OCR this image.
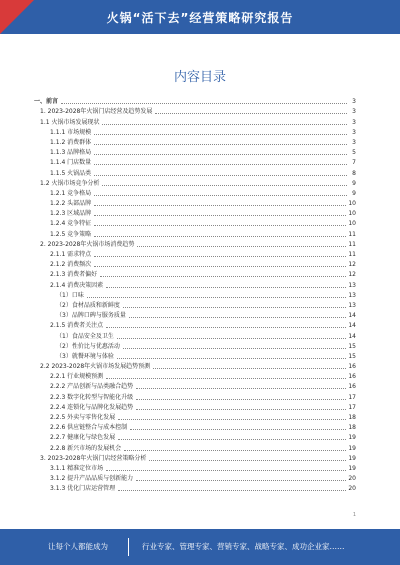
火锅“活下去”经营策略研究报告
内容目录
一、前言	3
1. 2023-2028年火锅门店经营及趋势发展	3
1.1 火锅市场发展现状	3
1.1.1 市场规模	3
1.1.2 消费群体	3
1.1.3 品牌格局	5
1.1.4 门店数量	7
1.1.5 火锅品类	8
1.2 火锅市场竞争分析	9
1.2.1 竞争格局	9
1.2.2 头部品牌	10
1.2.3 区域品牌	10
1.2.4 竞争特征	10
1.2.5 竞争策略	11
2. 2023-2028年火锅市场消费趋势	11
2.1.1 需求特点	11
2.1.2 消费频次	12
2.1.3 消费者偏好	12
2.1.4 消费决策因素	13
（1）口味	13
（2）食材品质和新鲜度	13
（3）品牌口碑与服务质量	14
2.1.5 消费者关注点	14
（1）食品安全及卫生	14
（2）性价比与优惠活动	15
（3）就餐环境与体验	15
2.2 2023-2028年火锅市场发展趋势预测	16
2.2.1 行业规模预测	16
2.2.2 产品创新与品类融合趋势	16
2.2.3 数字化转型与智能化升级	17
2.2.4 连锁化与品牌化发展趋势	17
2.2.5 外卖与零售化发展	18
2.2.6 供应链整合与成本控制	18
2.2.7 健康化与绿色发展	19
2.2.8 新兴市场的发展机会	19
3. 2023-2028年火锅门店经营策略分析	19
3.1.1 精准定位市场	19
3.1.2 提升产品品质与创新能力	20
3.1.3 优化门店运营管理	20
1
让每个人都能成为	行业专家、管理专家、营销专家、战略专家、成功企业家……
